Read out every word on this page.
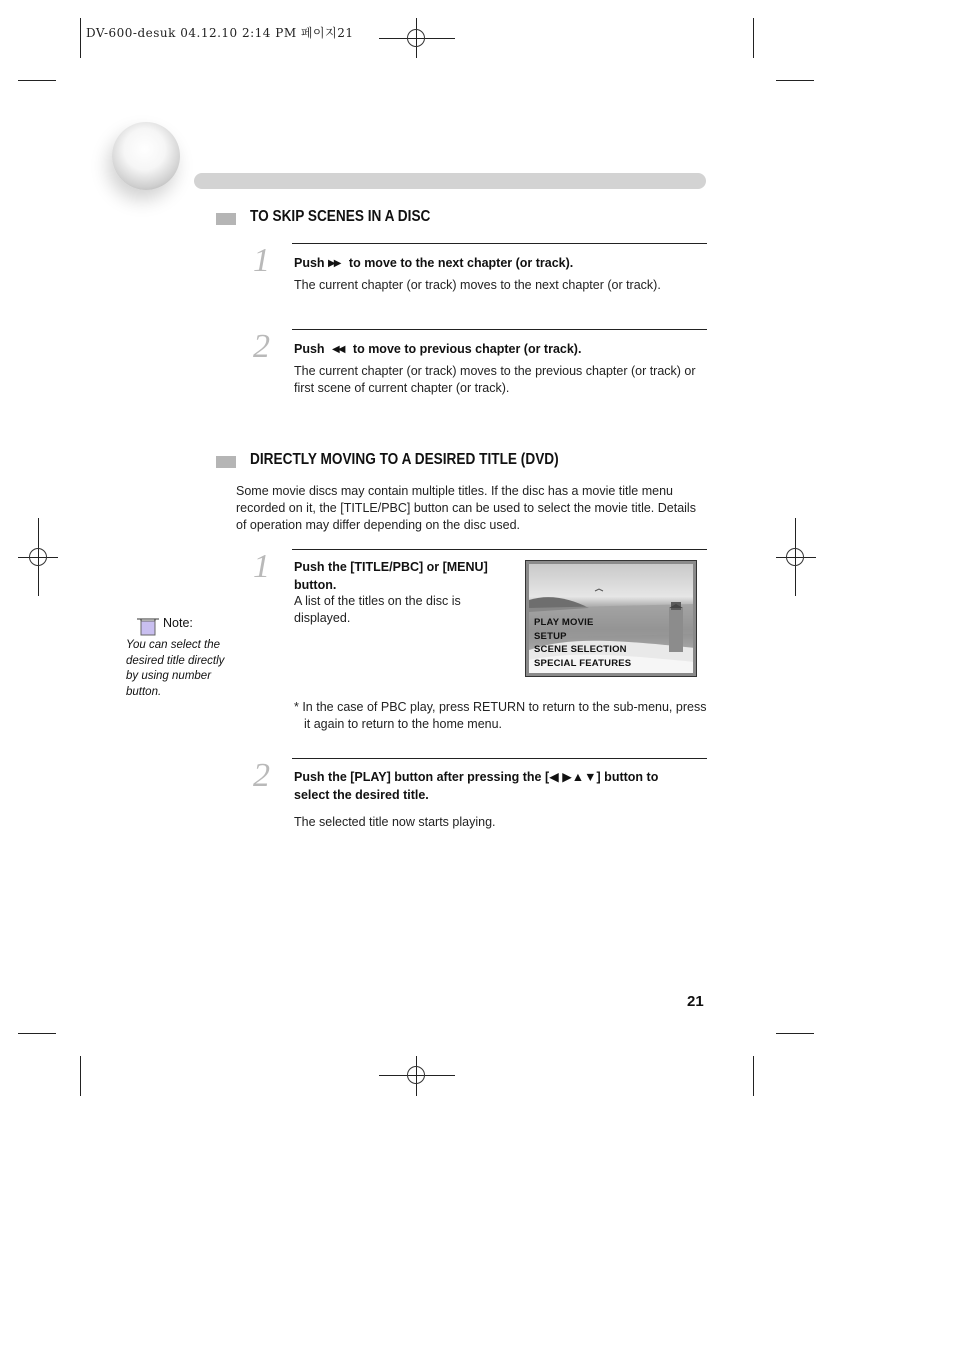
DV-600-desuk 04.12.10 2:14 PM 페이지21
TO SKIP SCENES IN A DISC
1 Push ▶▶ to move to the next chapter (or track).
The current chapter (or track) moves to the next chapter (or track).
2 Push ◀◀ to move to previous chapter (or track).
The current chapter (or track) moves to the previous chapter (or track) or first scene of current chapter (or track).
DIRECTLY MOVING TO A DESIRED TITLE (DVD)
Some movie discs may contain multiple titles. If the disc has a movie title menu recorded on it, the [TITLE/PBC] button can be used to select the movie title. Details of operation may differ depending on the disc used.
1 Push the [TITLE/PBC] or [MENU] button.
A list of the titles on the disc is displayed.	PLAY MOVIE
SETUP
SCENE SELECTION
SPECIAL FEATURES
* In the case of PBC play, press RETURN to return to the sub-menu, press it again to return to the home menu.
2 Push the [PLAY] button after pressing the [◀ ▶▲▼] button to select the desired title.
The selected title now starts playing.
Note:
You can select the desired title directly by using number button.
21
